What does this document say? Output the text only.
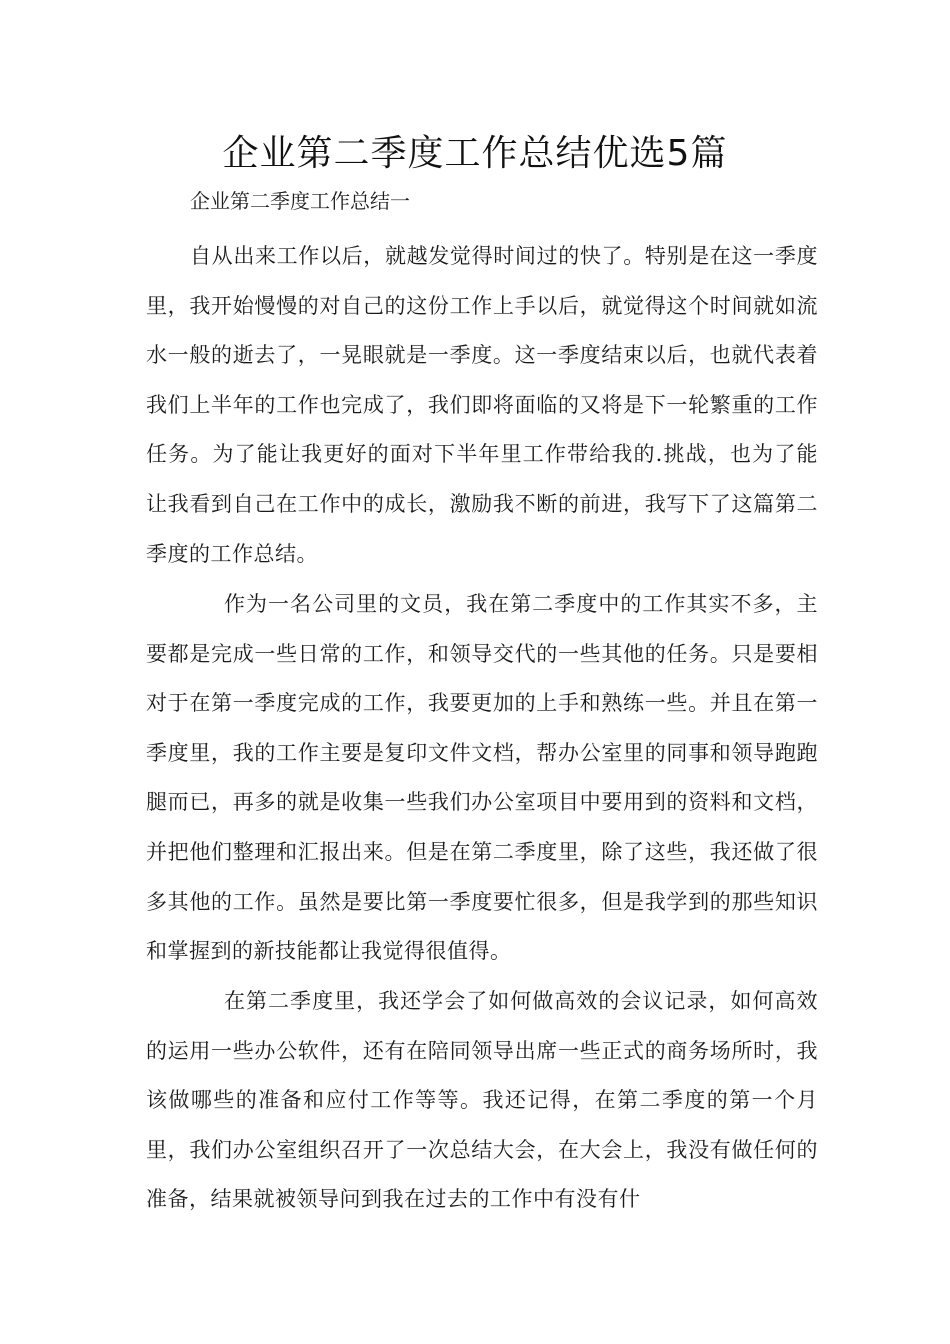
企业第二季度工作总结优选5篇

企业第二季度工作总结一

自从出来工作以后，就越发觉得时间过的快了。特别是在这一季度里，我开始慢慢的对自己的这份工作上手以后，就觉得这个时间就如流水一般的逝去了，一晃眼就是一季度。这一季度结束以后，也就代表着我们上半年的工作也完成了，我们即将面临的又将是下一轮繁重的工作任务。为了能让我更好的面对下半年里工作带给我的.挑战，也为了能让我看到自己在工作中的成长，激励我不断的前进，我写下了这篇第二季度的工作总结。

作为一名公司里的文员，我在第二季度中的工作其实不多，主要都是完成一些日常的工作，和领导交代的一些其他的任务。只是要相对于在第一季度完成的工作，我要更加的上手和熟练一些。并且在第一季度里，我的工作主要是复印文件文档，帮办公室里的同事和领导跑跑腿而已，再多的就是收集一些我们办公室项目中要用到的资料和文档，并把他们整理和汇报出来。但是在第二季度里，除了这些，我还做了很多其他的工作。虽然是要比第一季度要忙很多，但是我学到的那些知识和掌握到的新技能都让我觉得很值得。

在第二季度里，我还学会了如何做高效的会议记录，如何高效的运用一些办公软件，还有在陪同领导出席一些正式的商务场所时，我该做哪些的准备和应付工作等等。我还记得，在第二季度的第一个月里，我们办公室组织召开了一次总结大会，在大会上，我没有做任何的准备，结果就被领导问到我在过去的工作中有没有什
